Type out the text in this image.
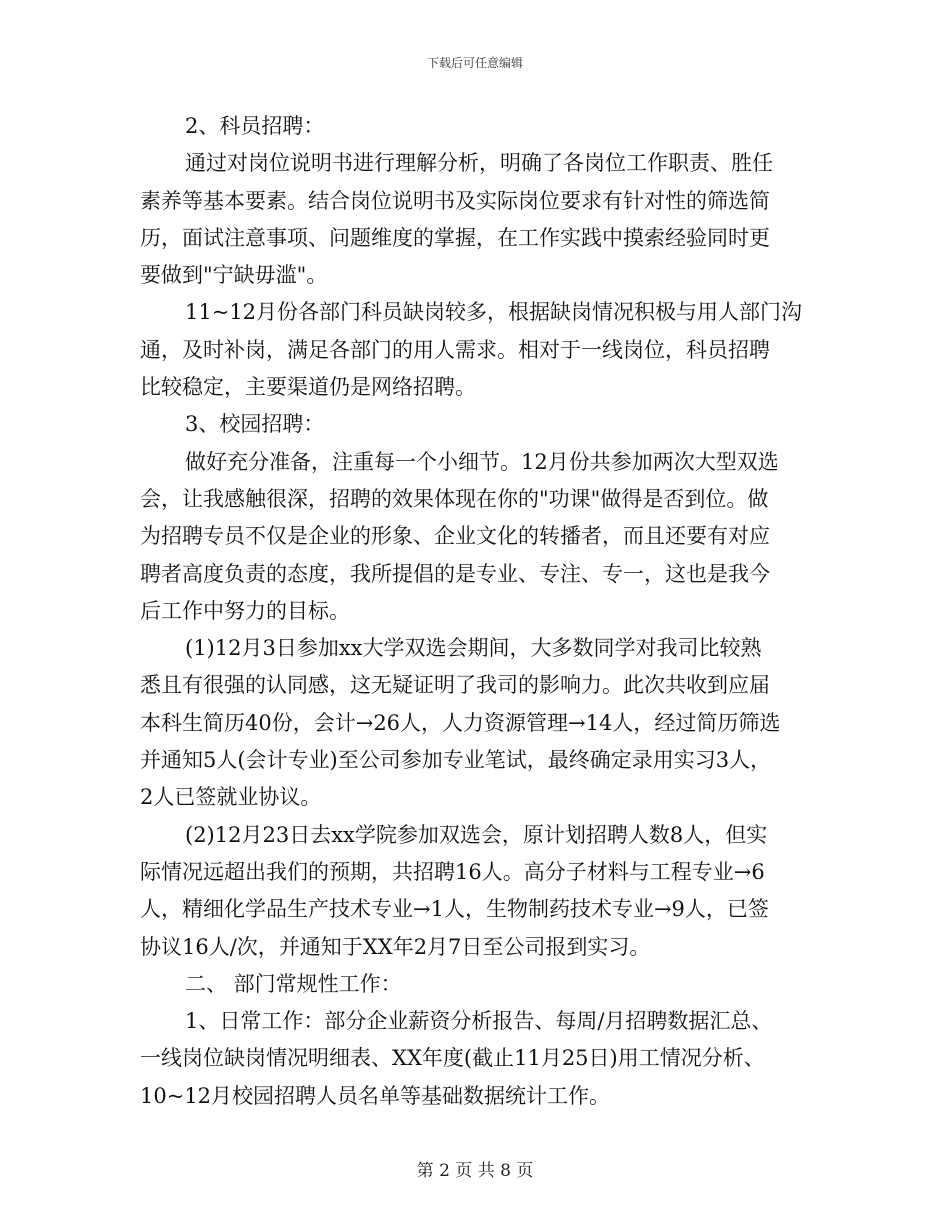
下载后可任意编辑
2、科员招聘：
通过对岗位说明书进行理解分析，明确了各岗位工作职责、胜任
素养等基本要素。结合岗位说明书及实际岗位要求有针对性的筛选简
历，面试注意事项、问题维度的掌握，在工作实践中摸索经验同时更
要做到"宁缺毋滥"。
11~12月份各部门科员缺岗较多，根据缺岗情况积极与用人部门沟
通，及时补岗，满足各部门的用人需求。相对于一线岗位，科员招聘
比较稳定，主要渠道仍是网络招聘。
3、校园招聘：
做好充分准备，注重每一个小细节。12月份共参加两次大型双选
会，让我感触很深，招聘的效果体现在你的"功课"做得是否到位。做
为招聘专员不仅是企业的形象、企业文化的转播者，而且还要有对应
聘者高度负责的态度，我所提倡的是专业、专注、专一，这也是我今
后工作中努力的目标。
(1)12月3日参加xx大学双选会期间，大多数同学对我司比较熟
悉且有很强的认同感，这无疑证明了我司的影响力。此次共收到应届
本科生简历40份，会计→26人，人力资源管理→14人，经过简历筛选
并通知5人(会计专业)至公司参加专业笔试，最终确定录用实习3人，
2人已签就业协议。
(2)12月23日去xx学院参加双选会，原计划招聘人数8人，但实
际情况远超出我们的预期，共招聘16人。高分子材料与工程专业→6
人，精细化学品生产技术专业→1人，生物制药技术专业→9人，已签
协议16人/次，并通知于XX年2月7日至公司报到实习。
二、 部门常规性工作：
1、日常工作：部分企业薪资分析报告、每周/月招聘数据汇总、
一线岗位缺岗情况明细表、XX年度(截止11月25日)用工情况分析、
10~12月校园招聘人员名单等基础数据统计工作。
第 2 页 共 8 页
